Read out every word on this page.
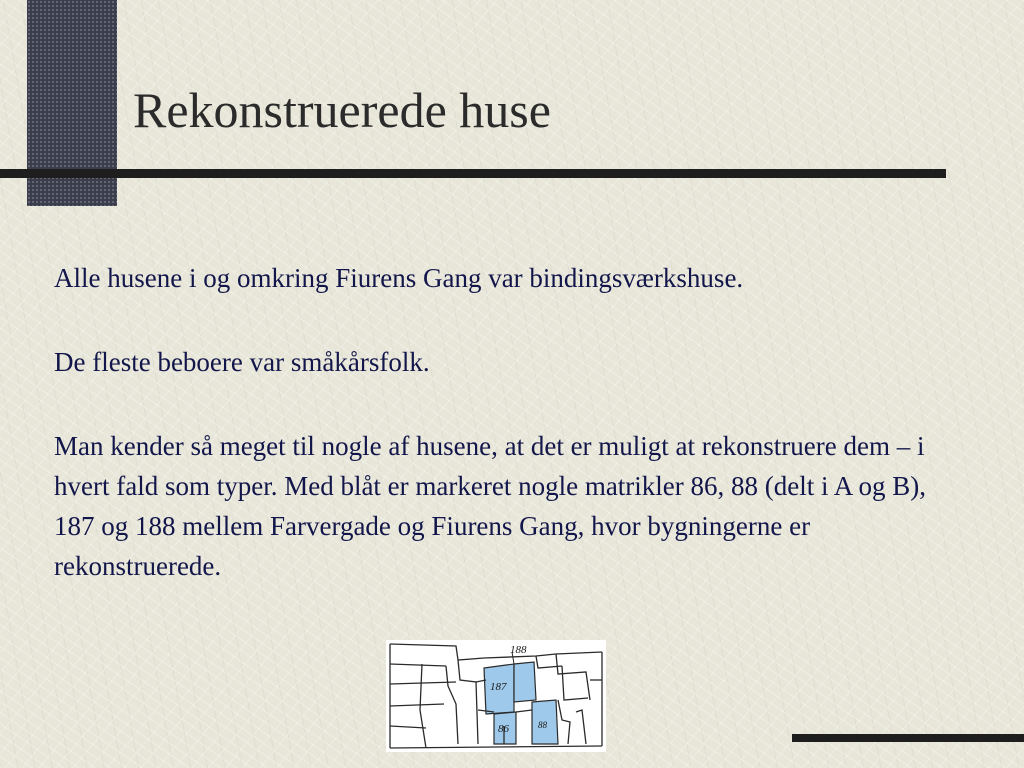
Rekonstruerede huse

Alle husene i og omkring Fiurens Gang var bindingsværkshuse.

De fleste beboere var småkårsfolk.

Man kender så meget til nogle af husene, at det er muligt at rekonstruere dem – i hvert fald som typer. Med blåt er markeret nogle matrikler 86, 88 (delt i A og B), 187 og 188 mellem Farvergade og Fiurens Gang, hvor bygningerne er rekonstruerede.

188
187
86	88
